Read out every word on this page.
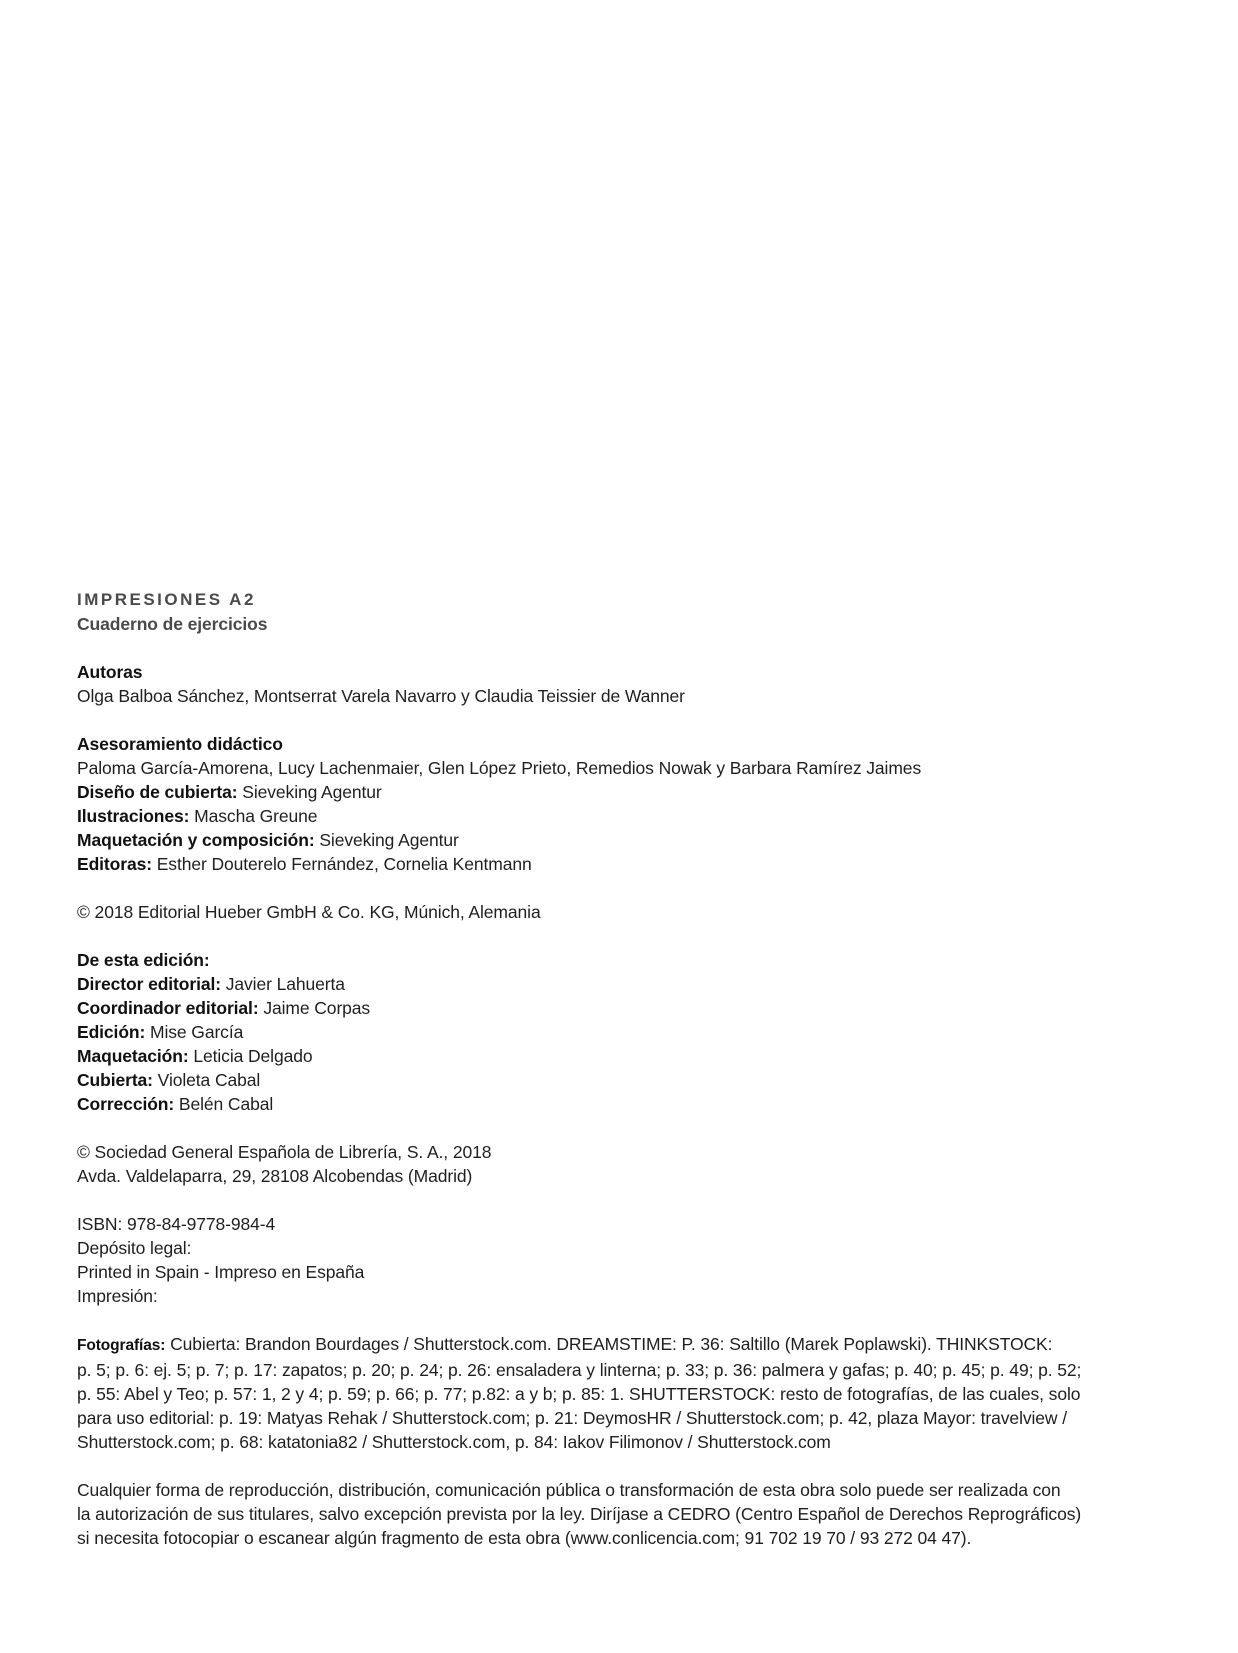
IMPRESIONES A2
Cuaderno de ejercicios
Autoras
Olga Balboa Sánchez, Montserrat Varela Navarro y Claudia Teissier de Wanner
Asesoramiento didáctico
Paloma García-Amorena, Lucy Lachenmaier, Glen López Prieto, Remedios Nowak y Barbara Ramírez Jaimes
Diseño de cubierta: Sieveking Agentur
Ilustraciones: Mascha Greune
Maquetación y composición: Sieveking Agentur
Editoras: Esther Douterelo Fernández, Cornelia Kentmann
© 2018 Editorial Hueber GmbH & Co. KG, Múnich, Alemania
De esta edición:
Director editorial: Javier Lahuerta
Coordinador editorial: Jaime Corpas
Edición: Mise García
Maquetación: Leticia Delgado
Cubierta: Violeta Cabal
Corrección: Belén Cabal
© Sociedad General Española de Librería, S. A., 2018
Avda. Valdelaparra, 29, 28108 Alcobendas (Madrid)
ISBN: 978-84-9778-984-4
Depósito legal:
Printed in Spain - Impreso en España
Impresión:
Fotografías: Cubierta: Brandon Bourdages / Shutterstock.com. DREAMSTIME: P. 36: Saltillo (Marek Poplawski). THINKSTOCK:
p. 5; p. 6: ej. 5; p. 7; p. 17: zapatos; p. 20; p. 24; p. 26: ensaladera y linterna; p. 33; p. 36: palmera y gafas; p. 40; p. 45; p. 49; p. 52;
p. 55: Abel y Teo; p. 57: 1, 2 y 4; p. 59; p. 66; p. 77; p.82: a y b; p. 85: 1. SHUTTERSTOCK: resto de fotografías, de las cuales, solo
para uso editorial: p. 19: Matyas Rehak / Shutterstock.com; p. 21: DeymosHR / Shutterstock.com; p. 42, plaza Mayor: travelview /
Shutterstock.com; p. 68: katatonia82 / Shutterstock.com, p. 84: Iakov Filimonov / Shutterstock.com
Cualquier forma de reproducción, distribución, comunicación pública o transformación de esta obra solo puede ser realizada con
la autorización de sus titulares, salvo excepción prevista por la ley. Diríjase a CEDRO (Centro Español de Derechos Reprográficos)
si necesita fotocopiar o escanear algún fragmento de esta obra (www.conlicencia.com; 91 702 19 70 / 93 272 04 47).
